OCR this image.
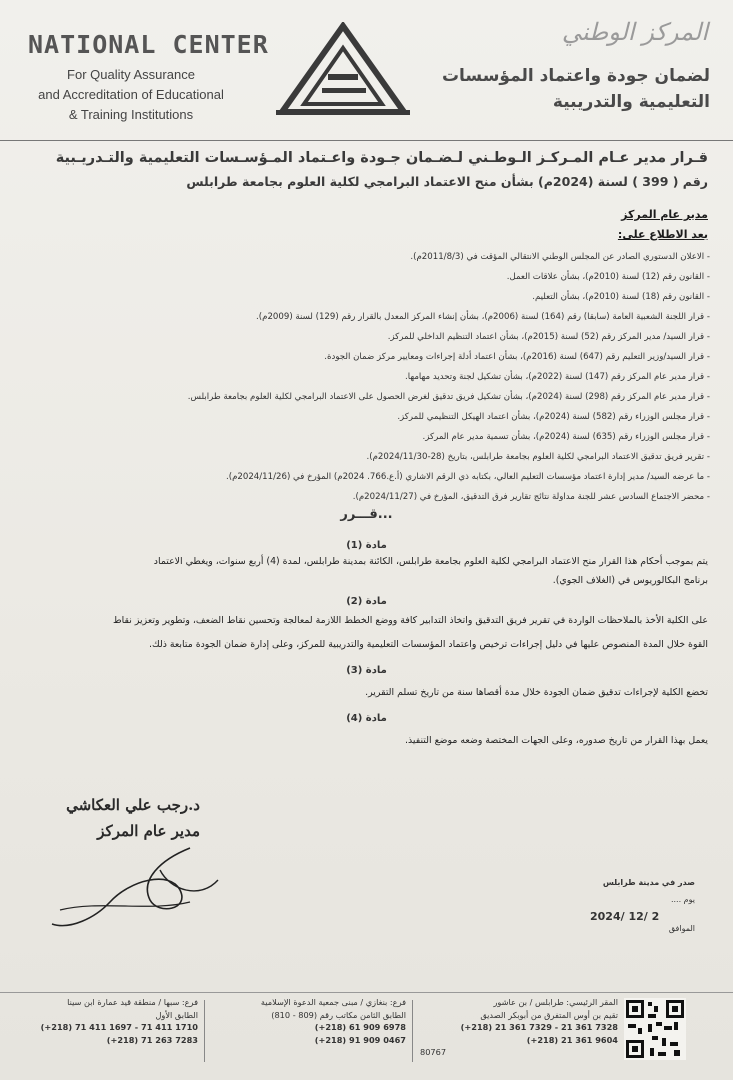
NATIONAL CENTER
For Quality Assurance
and Accreditation of Educational
& Training Institutions
المركز الوطني
لضمان جودة واعتماد المؤسسات
التعليمية والتدريبية
قـرار مدير عـام المـركـز الـوطـني لـضـمان جـودة واعـتماد المـؤسـسات التعليمية والتـدريـبية
رقم ( 399 ) لسنة (2024م) بشأن منح الاعتماد البرامجي لكلية العلوم بجامعة طرابلس
مدير عام المركز
بعد الاطلاع على:
- الاعلان الدستوري الصادر عن المجلس الوطني الانتقالي المؤقت في (2011/8/3م).
- القانون رقم (12) لسنة (2010م)، بشأن علاقات العمل.
- القانون رقم (18) لسنة (2010م)، بشأن التعليم.
- قرار اللجنة الشعبية العامة (سابقا) رقم (164) لسنة (2006م)، بشأن إنشاء المركز المعدل بالقرار رقم (129) لسنة (2009م).
- قرار السيد/ مدير المركز رقم (52) لسنة (2015م)، بشأن اعتماد التنظيم الداخلي للمركز.
- قرار السيد/وزير التعليم رقم (647) لسنة (2016م)، بشأن اعتماد أدلة إجراءات ومعايير مركز ضمان الجودة.
- قرار مدير عام المركز رقم (147) لسنة (2022م)، بشأن تشكيل لجنة وتحديد مهامها.
- قرار مدير عام المركز رقم (298) لسنة (2024م)، بشأن تشكيل فريق تدقيق لغرض الحصول على الاعتماد البرامجي لكلية العلوم بجامعة طرابلس.
- قرار مجلس الوزراء رقم (582) لسنة (2024م)، بشأن اعتماد الهيكل التنظيمي للمركز.
- قرار مجلس الوزراء رقم (635) لسنة (2024م)، بشأن تسمية مدير عام المركز.
- تقرير فريق تدقيق الاعتماد البرامجي لكلية العلوم بجامعة طرابلس، بتاريخ (28-2024/11/30م).
- ما عرضه السيد/ مدير إدارة اعتماد مؤسسات التعليم العالي، بكتابه ذي الرقم الاشاري (أ.ع.766. 2024م) المؤرخ في (2024/11/26م).
- محضر الاجتماع السادس عشر للجنة مداولة نتائج تقارير فرق التدقيق، المؤرخ في (2024/11/27م).
قـــرر...
مادة (1)
يتم بموجب أحكام هذا القرار منح الاعتماد البرامجي لكلية العلوم بجامعة طرابلس، الكائنة بمدينة طرابلس، لمدة (4) أربع سنوات، ويغطي الاعتماد
برنامج البكالوريوس في (الغلاف الجوي).
مادة (2)
على الكلية الأخذ بالملاحظات الواردة في تقرير فريق التدقيق واتخاذ التدابير كافة ووضع الخطط اللازمة لمعالجة وتحسين نقاط الضعف، وتطوير وتعزيز نقاط
القوة خلال المدة المنصوص عليها في دليل إجراءات ترخيص واعتماد المؤسسات التعليمية والتدريبية للمركز، وعلى إدارة ضمان الجودة متابعة ذلك.
مادة (3)
تخضع الكلية لإجراءات تدقيق ضمان الجودة خلال مدة أقصاها سنة من تاريخ تسلم التقرير.
مادة (4)
يعمل بهذا القرار من تاريخ صدوره، وعلى الجهات المختصة وضعه موضع التنفيذ.
د.رجب علي العكاشي
مدير عام المركز
صدر في مدينة طرابلس
يوم ....
2024/ 12/ 2
الموافق
المقر الرئيسي: طرابلس / بن عاشور
تقيم بن أوس المتفرق من أبوبكر الصديق
(+218) 21 361 7329 - 21 361 7328
(+218) 21 361 9604
80767
فرع: بنغازي / مبنى جمعية الدعوة الإسلامية
الطابق الثامن مكاتب رقم (809 - 810)
(+218) 61 909 6978
(+218) 91 909 0467
فرع: سبها / منطقة قيد عمارة ابن سينا
الطابق الأول
(+218) 71 411 1697 - 71 411 1710
(+218) 71 263 7283
